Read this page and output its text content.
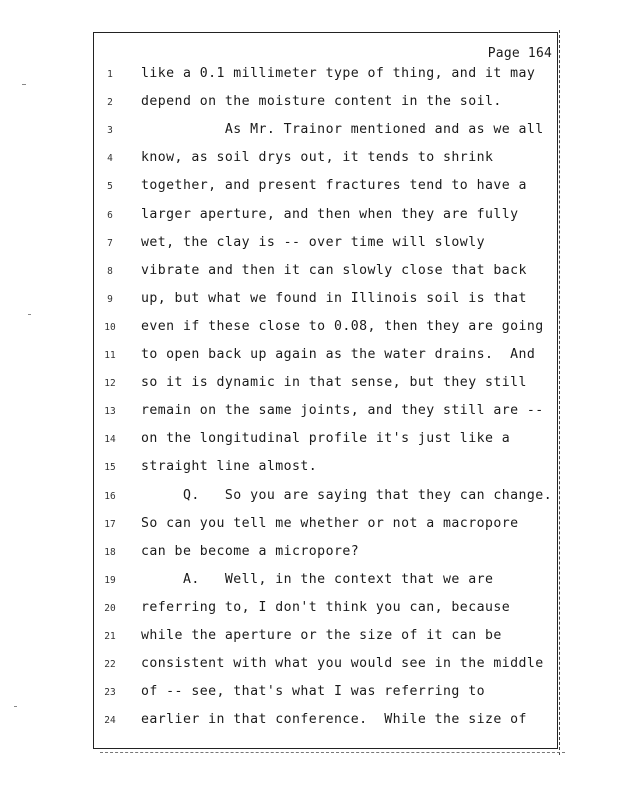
Page 164
1	like a 0.1 millimeter type of thing, and it may
2	depend on the moisture content in the soil.
3	As Mr. Trainor mentioned and as we all
4	know, as soil drys out, it tends to shrink
5	together, and present fractures tend to have a
6	larger aperture, and then when they are fully
7	wet, the clay is -- over time will slowly
8	vibrate and then it can slowly close that back
9	up, but what we found in Illinois soil is that
10	even if these close to 0.08, then they are going
11	to open back up again as the water drains.  And
12	so it is dynamic in that sense, but they still
13	remain on the same joints, and they still are --
14	on the longitudinal profile it's just like a
15	straight line almost.
16	Q.   So you are saying that they can change.
17	So can you tell me whether or not a macropore
18	can be become a micropore?
19	A.   Well, in the context that we are
20	referring to, I don't think you can, because
21	while the aperture or the size of it can be
22	consistent with what you would see in the middle
23	of -- see, that's what I was referring to
24	earlier in that conference.  While the size of
